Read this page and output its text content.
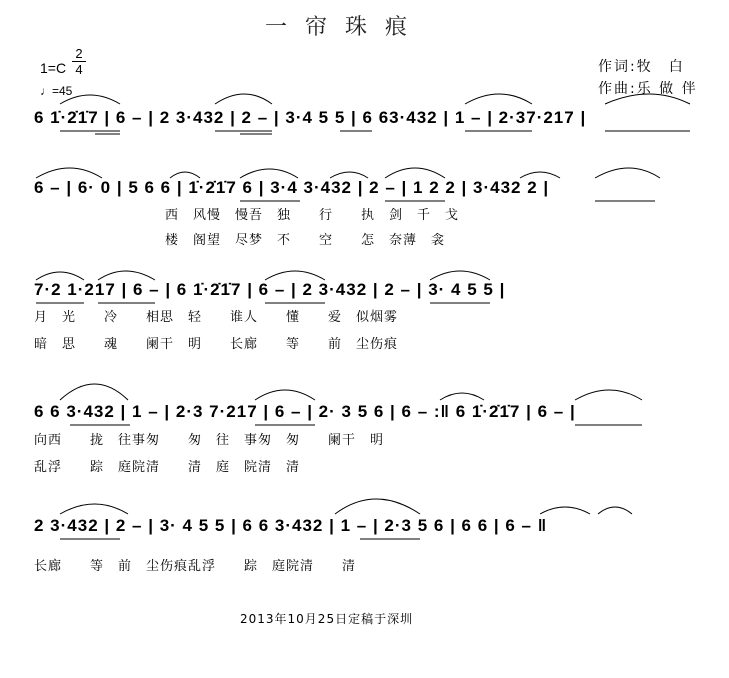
一帘珠痕
1=C
2
4
♩=45
作词:牧　白
作曲:乐 做 伴
6 1̇·2̇1̇7 | 6 – | 2 3·432 | 2 – | 3·4 5 5 | 6 63·432 | 1 – | 2·37·217 |
6 – | 6· 0 | 5 6 6 | 1̇·2̇1̇7 6 | 3·4 3·432 | 2 – | 1 2 2 | 3·432 2 |
西　风慢　慢吾　独　　行　　执　剑　千　戈
楼　阁望　尽梦　不　　空　　怎　奈薄　衾
7·2 1·217 | 6 – | 6 1̇·2̇1̇7 | 6 – | 2 3·432 | 2 – | 3· 4 5 5 |
月　光　　冷　　相思　轻　　谁人　　懂　　爱　似烟雾
暗　思　　魂　　阑干　明　　长廊　　等　　前　尘伤痕
6 6 3·432 | 1 – | 2·3 7·217 | 6 – | 2· 3 5 6 | 6 – :‖ 6 1̇·2̇1̇7 | 6 – |
向西　　拢　往事匆　　匆　往　事匆　匆　　阑干　明
乱浮　　踪　庭院清　　清　庭　院清　清
2 3·432 | 2 – | 3· 4 5 5 | 6 6 3·432 | 1 – | 2·3 5 6 | 6 6 | 6 – ‖
长廊　　等　前　尘伤痕乱浮　　踪　庭院清　　清
2013年10月25日定稿于深圳
